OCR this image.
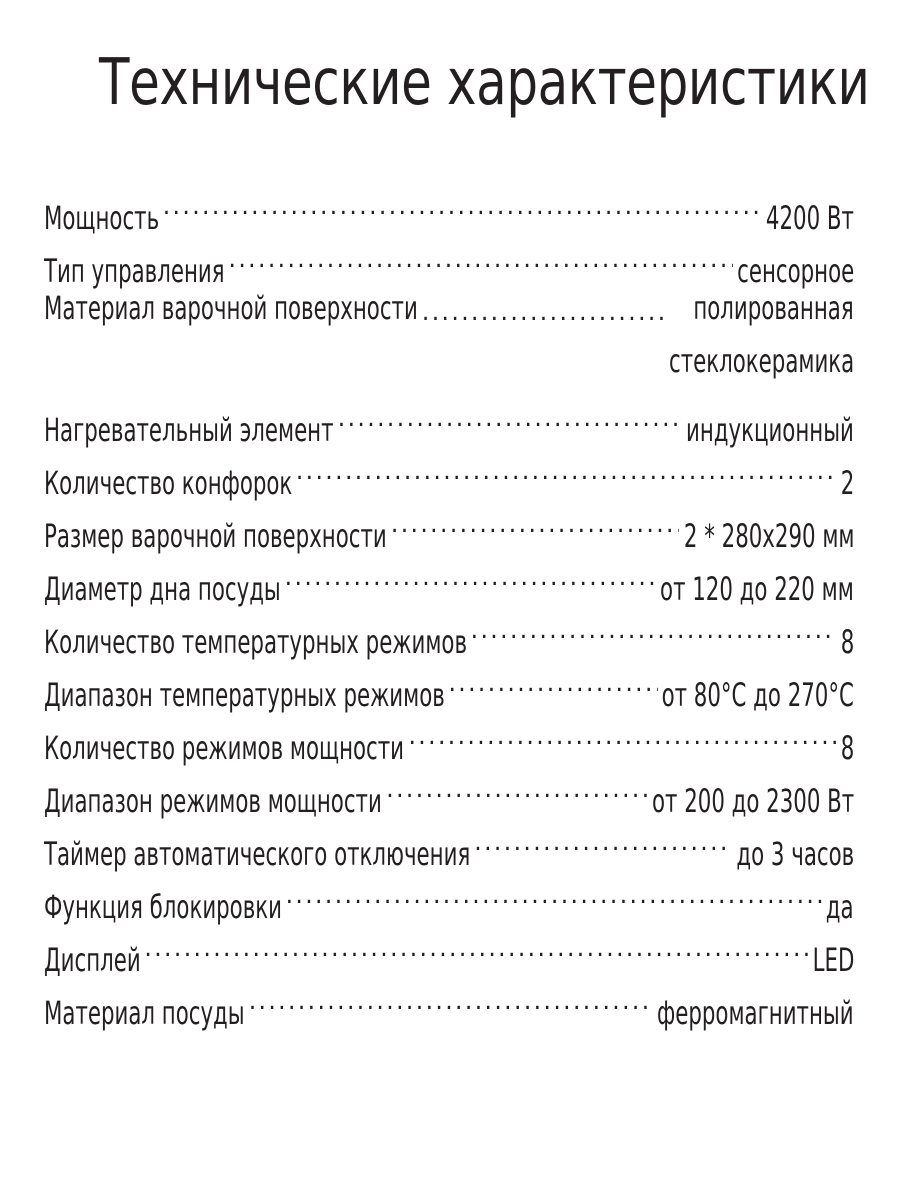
Технические характеристики
Мощность .....	4200 Вт
Тип управления .....	сенсорное
Материал варочной поверхности .....	полированная
стеклокерамика
Нагревательный элемент .....	индукционный
Количество конфорок .....	2
Размер варочной поверхности .....	2 * 280х290 мм
Диаметр дна посуды .....	от 120 до 220 мм
Количество температурных режимов .....	8
Диапазон температурных режимов .....	от 80°С до 270°С
Количество режимов мощности .....	8
Диапазон режимов мощности .....	от 200 до 2300 Вт
Таймер автоматического отключения .....	до 3 часов
Функция блокировки .....	да
Дисплей .....	LED
Материал посуды .....	ферромагнитный
